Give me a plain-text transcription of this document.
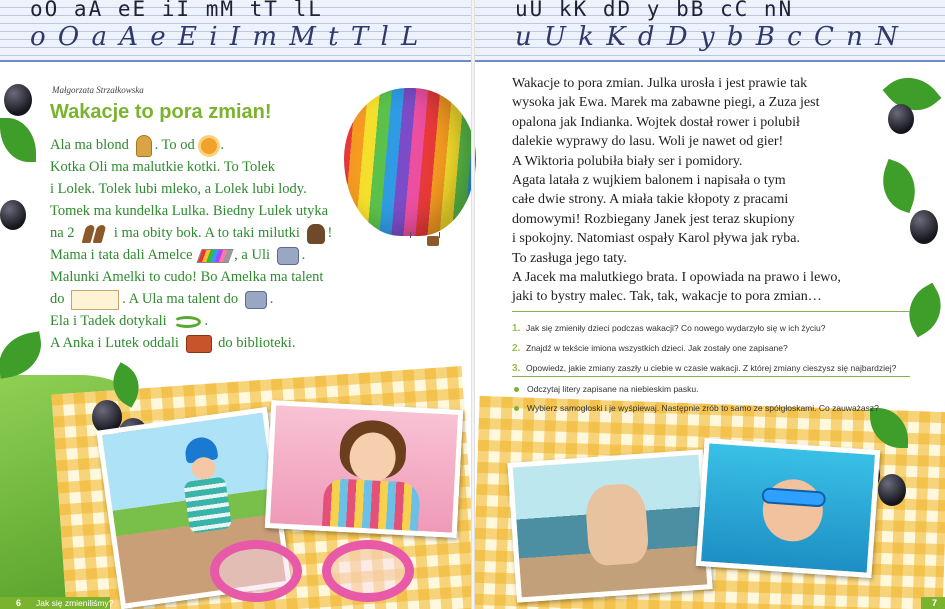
oO aA eE iI mM tT lL
o O a A e E i I m M t T l L
uU kK dD y bB cC nN
u U k K d D y b B c C n N
Małgorzata Strzałkowska
Wakacje to pora zmian!
Ala ma blond . To od .
Kotka Oli ma malutkie kotki. To Tolek
i Lolek. Tolek lubi mleko, a Lolek lubi lody.
Tomek ma kundelka Lulka. Biedny Lulek utyka
na 2	i ma obity bok. A to taki milutki !
Mama i tata dali Amelce	, a Uli .
Malunki Amelki to cudo! Bo Amelka ma talent
do	. A Ula ma talent do .
Ela i Tadek dotykali	.
A Anka i Lutek oddali	do biblioteki.
Wakacje to pora zmian. Julka urosła i jest prawie tak
wysoka jak Ewa. Marek ma zabawne piegi, a Zuza jest
opalona jak Indianka. Wojtek dostał rower i polubił
dalekie wyprawy do lasu. Woli je nawet od gier!
A Wiktoria polubiła biały ser i pomidory.
Agata latała z wujkiem balonem i napisała o tym
całe dwie strony. A miała takie kłopoty z pracami
domowymi! Rozbiegany Janek jest teraz skupiony
i spokojny. Natomiast ospały Karol pływa jak ryba.
To zasługa jego taty.
A Jacek ma malutkiego brata. I opowiada na prawo i lewo,
jaki to bystry malec. Tak, tak, wakacje to pora zmian…
1. Jak się zmieniły dzieci podczas wakacji? Co nowego wydarzyło się w ich życiu?
2. Znajdź w tekście imiona wszystkich dzieci. Jak zostały one zapisane?
3. Opowiedz, jakie zmiany zaszły u ciebie w czasie wakacji. Z której zmiany cieszysz się najbardziej?
Odczytaj litery zapisane na niebieskim pasku.
Wybierz samogłoski i je wyśpiewaj. Następnie zrób to samo ze spółgłoskami. Co zauważasz?
6 Jak się zmieniliśmy?	7
